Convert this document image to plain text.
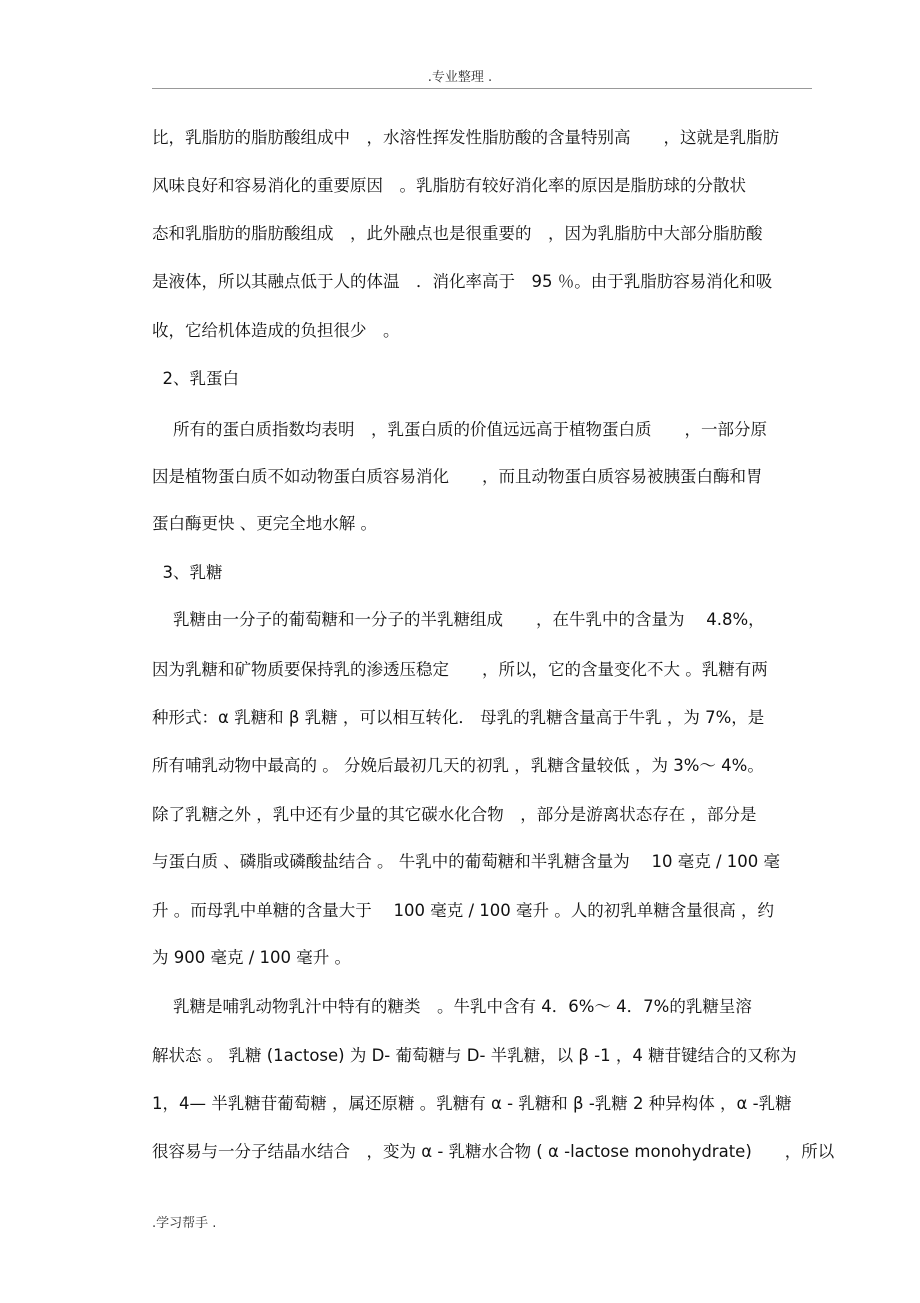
.专业整理 .
比，乳脂肪的脂肪酸组成中　，水溶性挥发性脂肪酸的含量特别高　　，这就是乳脂肪
风味良好和容易消化的重要原因　。乳脂肪有较好消化率的原因是脂肪球的分散状
态和乳脂肪的脂肪酸组成　，此外融点也是很重要的　，因为乳脂肪中大部分脂肪酸
是液体，所以其融点低于人的体温　．消化率高于　95 ％。由于乳脂肪容易消化和吸
收，它给机体造成的负担很少　。
2、乳蛋白
所有的蛋白质指数均表明　，乳蛋白质的价值远远高于植物蛋白质　　，一部分原
因是植物蛋白质不如动物蛋白质容易消化　　，而且动物蛋白质容易被胰蛋白酶和胃
蛋白酶更快 、更完全地水解 。
3、乳糖
乳糖由一分子的葡萄糖和一分子的半乳糖组成　　，在牛乳中的含量为　 4.8%，
因为乳糖和矿物质要保持乳的渗透压稳定　　，所以，它的含量变化不大 。乳糖有两
种形式：α 乳糖和 β 乳糖 ，可以相互转化． 母乳的乳糖含量高于牛乳 ，为 7%，是
所有哺乳动物中最高的 。 分娩后最初几天的初乳 ，乳糖含量较低 ，为 3%～ 4%。
除了乳糖之外 ，乳中还有少量的其它碳水化合物　，部分是游离状态存在 ，部分是
与蛋白质 、磷脂或磷酸盐结合 。 牛乳中的葡萄糖和半乳糖含量为　 10 毫克 / 100 毫
升 。而母乳中单糖的含量大于　 100 毫克 / 100 毫升 。人的初乳单糖含量很高 ，约
为 900 毫克 / 100 毫升 。
乳糖是哺乳动物乳汁中特有的糖类　。牛乳中含有 4．6%～ 4．7%的乳糖呈溶
解状态 。 乳糖 (1actose) 为 D- 葡萄糖与 D- 半乳糖，以 β -1 ，4 糖苷键结合的又称为
1，4— 半乳糖苷葡萄糖 ，属还原糖 。乳糖有 α - 乳糖和 β -乳糖 2 种异构体 ，α -乳糖
很容易与一分子结晶水结合　，变为 α - 乳糖水合物 ( α -lactose monohydrate)　　，所以
.学习帮手 .
